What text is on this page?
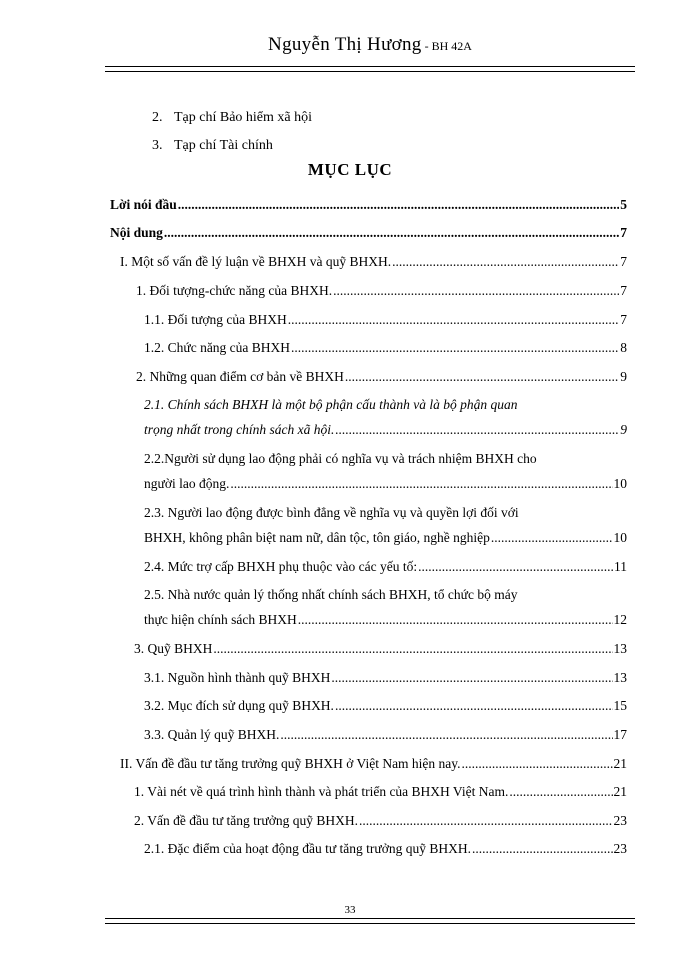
Nguyễn Thị Hương - BH 42A
2. Tạp chí Bảo hiểm xã hội
3. Tạp chí Tài chính
MỤC LỤC
Lời nói đầu .....	5
Nội dung .....	7
I. Một số vấn đề lý luận về BHXH và quỹ BHXH. .....	7
1. Đối tượng-chức năng của BHXH. .....	7
1.1. Đối tượng của BHXH .....	7
1.2. Chức năng của BHXH .....	8
2. Những quan điểm cơ bản về BHXH .....	9
2.1. Chính sách BHXH là một bộ phận cấu thành và là bộ phận quan
trọng nhất trong chính sách xã hội. .....	9
2.2.Người sử dụng lao động phải có nghĩa vụ và trách nhiệm BHXH cho
người lao động. .....	10
2.3. Người lao động được bình đẳng về nghĩa vụ và quyền lợi đối với
BHXH, không phân biệt nam nữ, dân tộc, tôn giáo, nghề nghiệp .....	10
2.4. Mức trợ cấp BHXH phụ thuộc vào các yếu tố: .....	11
2.5. Nhà nước quản lý thống nhất chính sách BHXH, tổ chức bộ máy
thực hiện chính sách BHXH .....	12
3. Quỹ BHXH .....	13
3.1. Nguồn hình thành quỹ BHXH .....	13
3.2. Mục đích sử dụng quỹ BHXH. .....	15
3.3. Quản lý quỹ BHXH. .....	17
II. Vấn đề đầu tư tăng trưởng quỹ BHXH ở Việt Nam hiện nay. .....	21
1. Vài nét về quá trình hình thành và phát triển của BHXH Việt Nam. .....	21
2. Vấn đề đầu tư tăng trưởng quỹ BHXH. .....	23
2.1. Đặc điểm của hoạt động đầu tư tăng trưởng quỹ BHXH. .....	23
33
